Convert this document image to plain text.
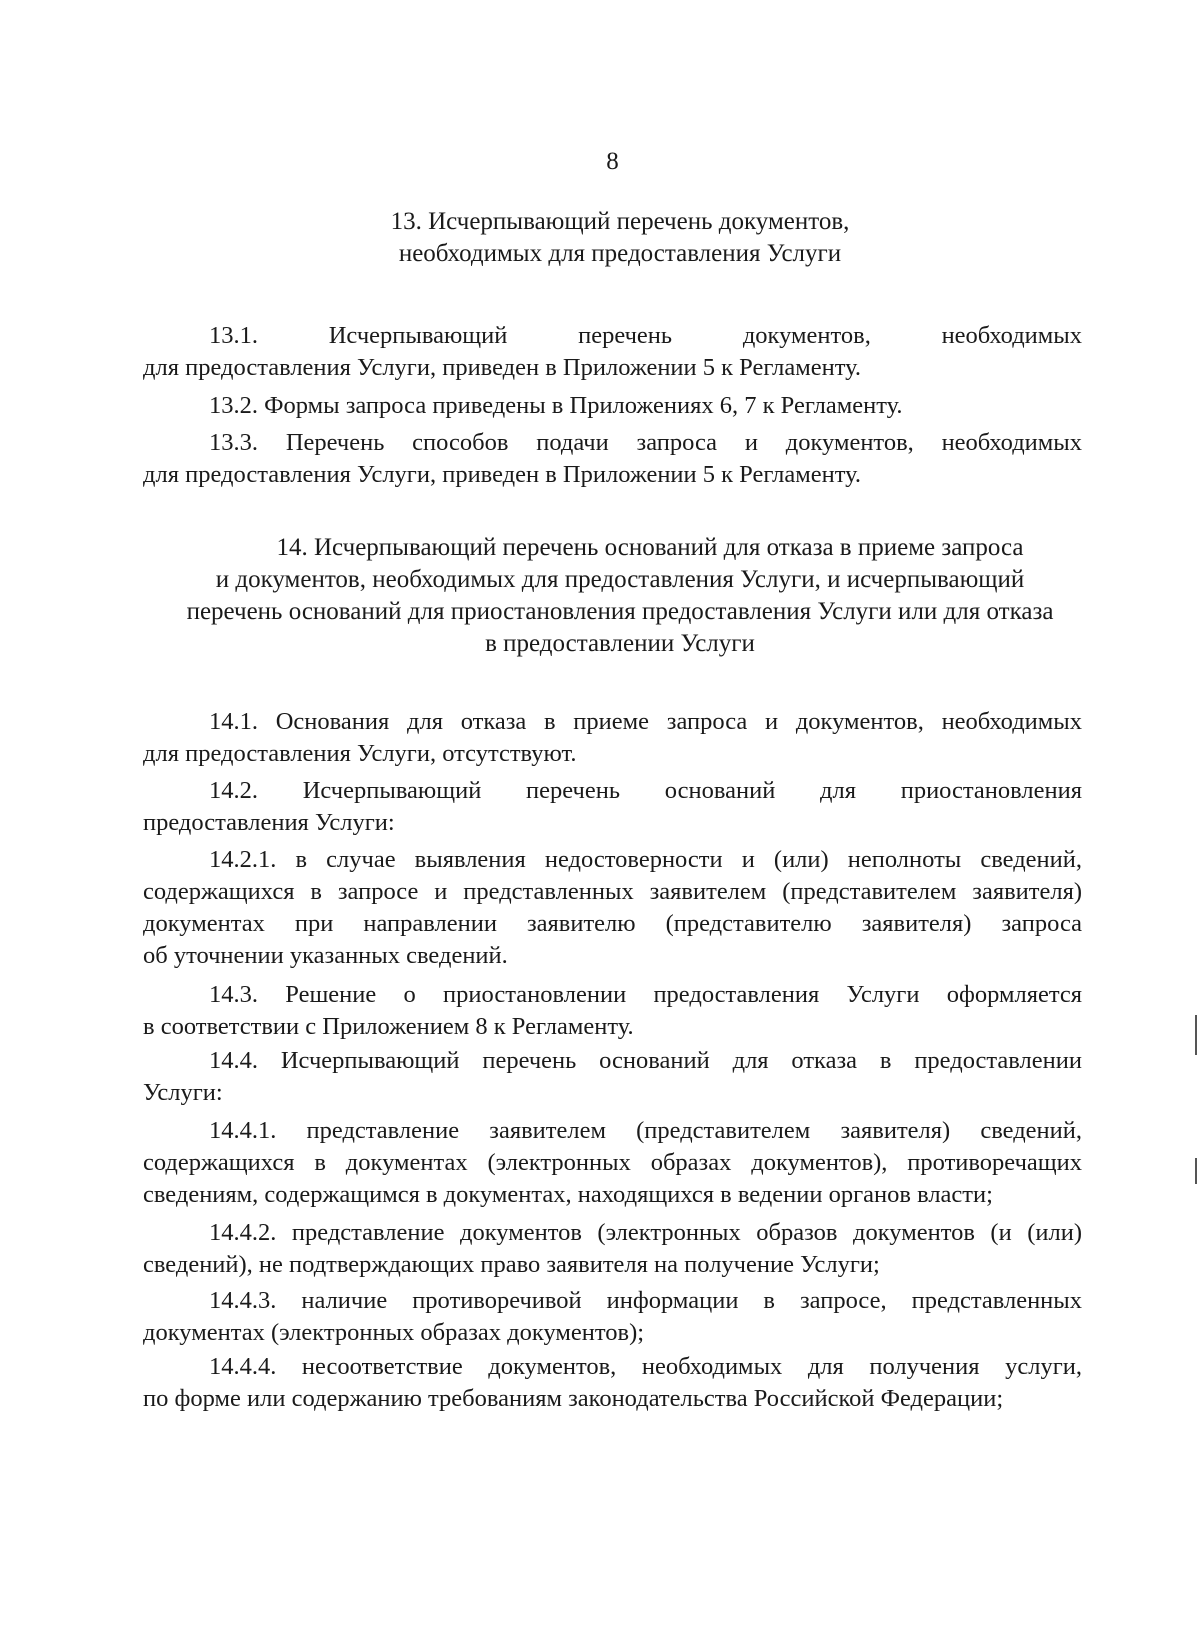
8
13. Исчерпывающий перечень документов,
необходимых для предоставления Услуги
13.1. Исчерпывающий перечень документов, необходимых
для предоставления Услуги, приведен в Приложении 5 к Регламенту.
13.2. Формы запроса приведены в Приложениях 6, 7 к Регламенту.
13.3. Перечень способов подачи запроса и документов, необходимых
для предоставления Услуги, приведен в Приложении 5 к Регламенту.
14. Исчерпывающий перечень оснований для отказа в приеме запроса
и документов, необходимых для предоставления Услуги, и исчерпывающий
перечень оснований для приостановления предоставления Услуги или для отказа
в предоставлении Услуги
14.1. Основания для отказа в приеме запроса и документов, необходимых
для предоставления Услуги, отсутствуют.
14.2. Исчерпывающий перечень оснований для приостановления
предоставления Услуги:
14.2.1. в случае выявления недостоверности и (или) неполноты сведений,
содержащихся в запросе и представленных заявителем (представителем заявителя)
документах при направлении заявителю (представителю заявителя) запроса
об уточнении указанных сведений.
14.3. Решение о приостановлении предоставления Услуги оформляется
в соответствии с Приложением 8 к Регламенту.
14.4. Исчерпывающий перечень оснований для отказа в предоставлении
Услуги:
14.4.1. представление заявителем (представителем заявителя) сведений,
содержащихся в документах (электронных образах документов), противоречащих
сведениям, содержащимся в документах, находящихся в ведении органов власти;
14.4.2. представление документов (электронных образов документов (и (или)
сведений), не подтверждающих право заявителя на получение Услуги;
14.4.3. наличие противоречивой информации в запросе, представленных
документах (электронных образах документов);
14.4.4. несоответствие документов, необходимых для получения услуги,
по форме или содержанию требованиям законодательства Российской Федерации;
